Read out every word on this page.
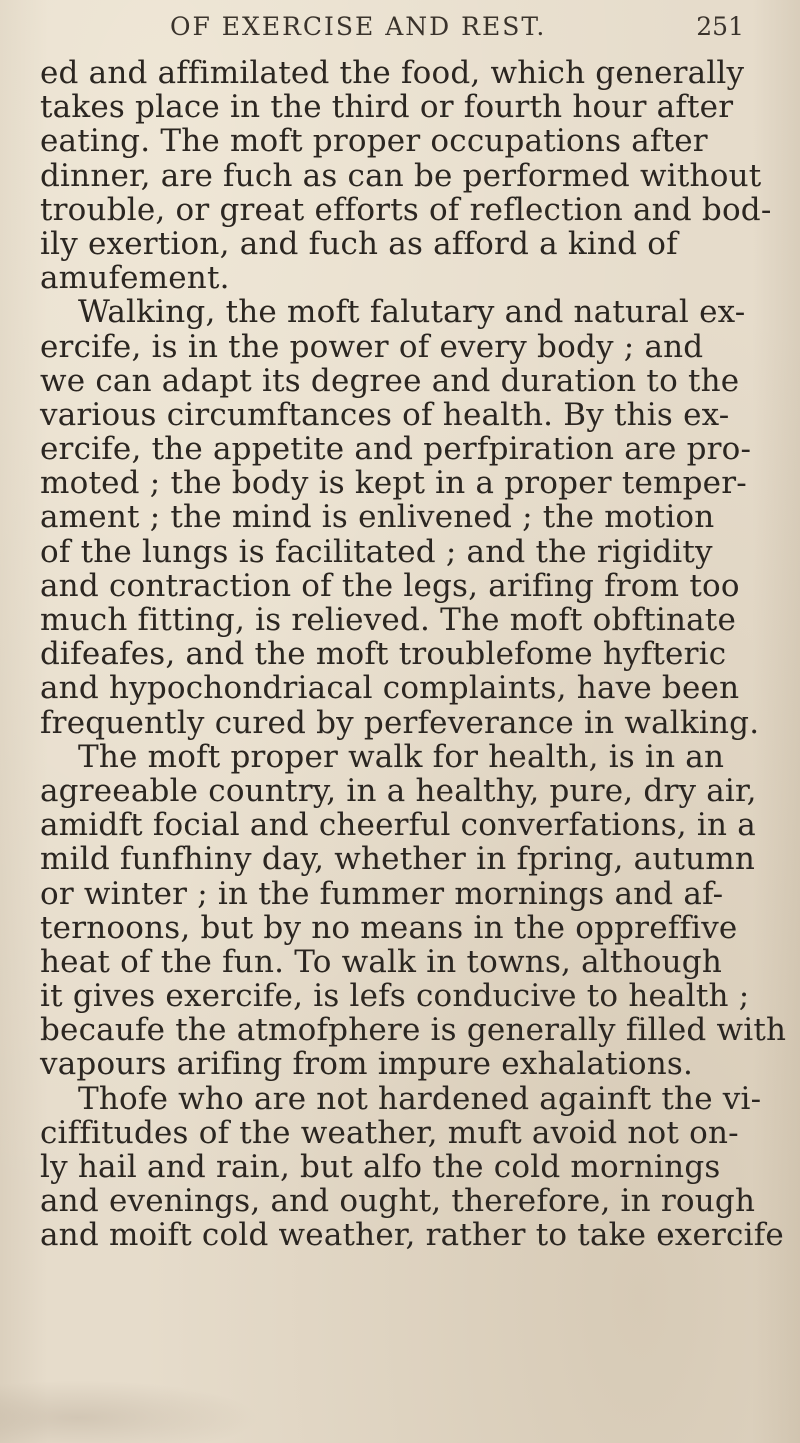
OF EXERCISE AND REST.	251
ed and affimilated the food, which generally
takes place in the third or fourth hour after
eating. The moft proper occupations after
dinner, are fuch as can be performed without
trouble, or great efforts of reflection and bod-
ily exertion, and fuch as afford a kind of
amufement.
Walking, the moft falutary and natural ex-
ercife, is in the power of every body ; and
we can adapt its degree and duration to the
various circumftances of health. By this ex-
ercife, the appetite and perfpiration are pro-
moted ; the body is kept in a proper temper-
ament ; the mind is enlivened ; the motion
of the lungs is facilitated ; and the rigidity
and contraction of the legs, arifing from too
much fitting, is relieved. The moft obftinate
difeafes, and the moft troublefome hyfteric
and hypochondriacal complaints, have been
frequently cured by perfeverance in walking.
The moft proper walk for health, is in an
agreeable country, in a healthy, pure, dry air,
amidft focial and cheerful converfations, in a
mild funfhiny day, whether in fpring, autumn
or winter ; in the fummer mornings and af-
ternoons, but by no means in the oppreffive
heat of the fun. To walk in towns, although
it gives exercife, is lefs conducive to health ;
becaufe the atmofphere is generally filled with
vapours arifing from impure exhalations.
Thofe who are not hardened againft the vi-
ciffitudes of the weather, muft avoid not on-
ly hail and rain, but alfo the cold mornings
and evenings, and ought, therefore, in rough
and moift cold weather, rather to take exercife
